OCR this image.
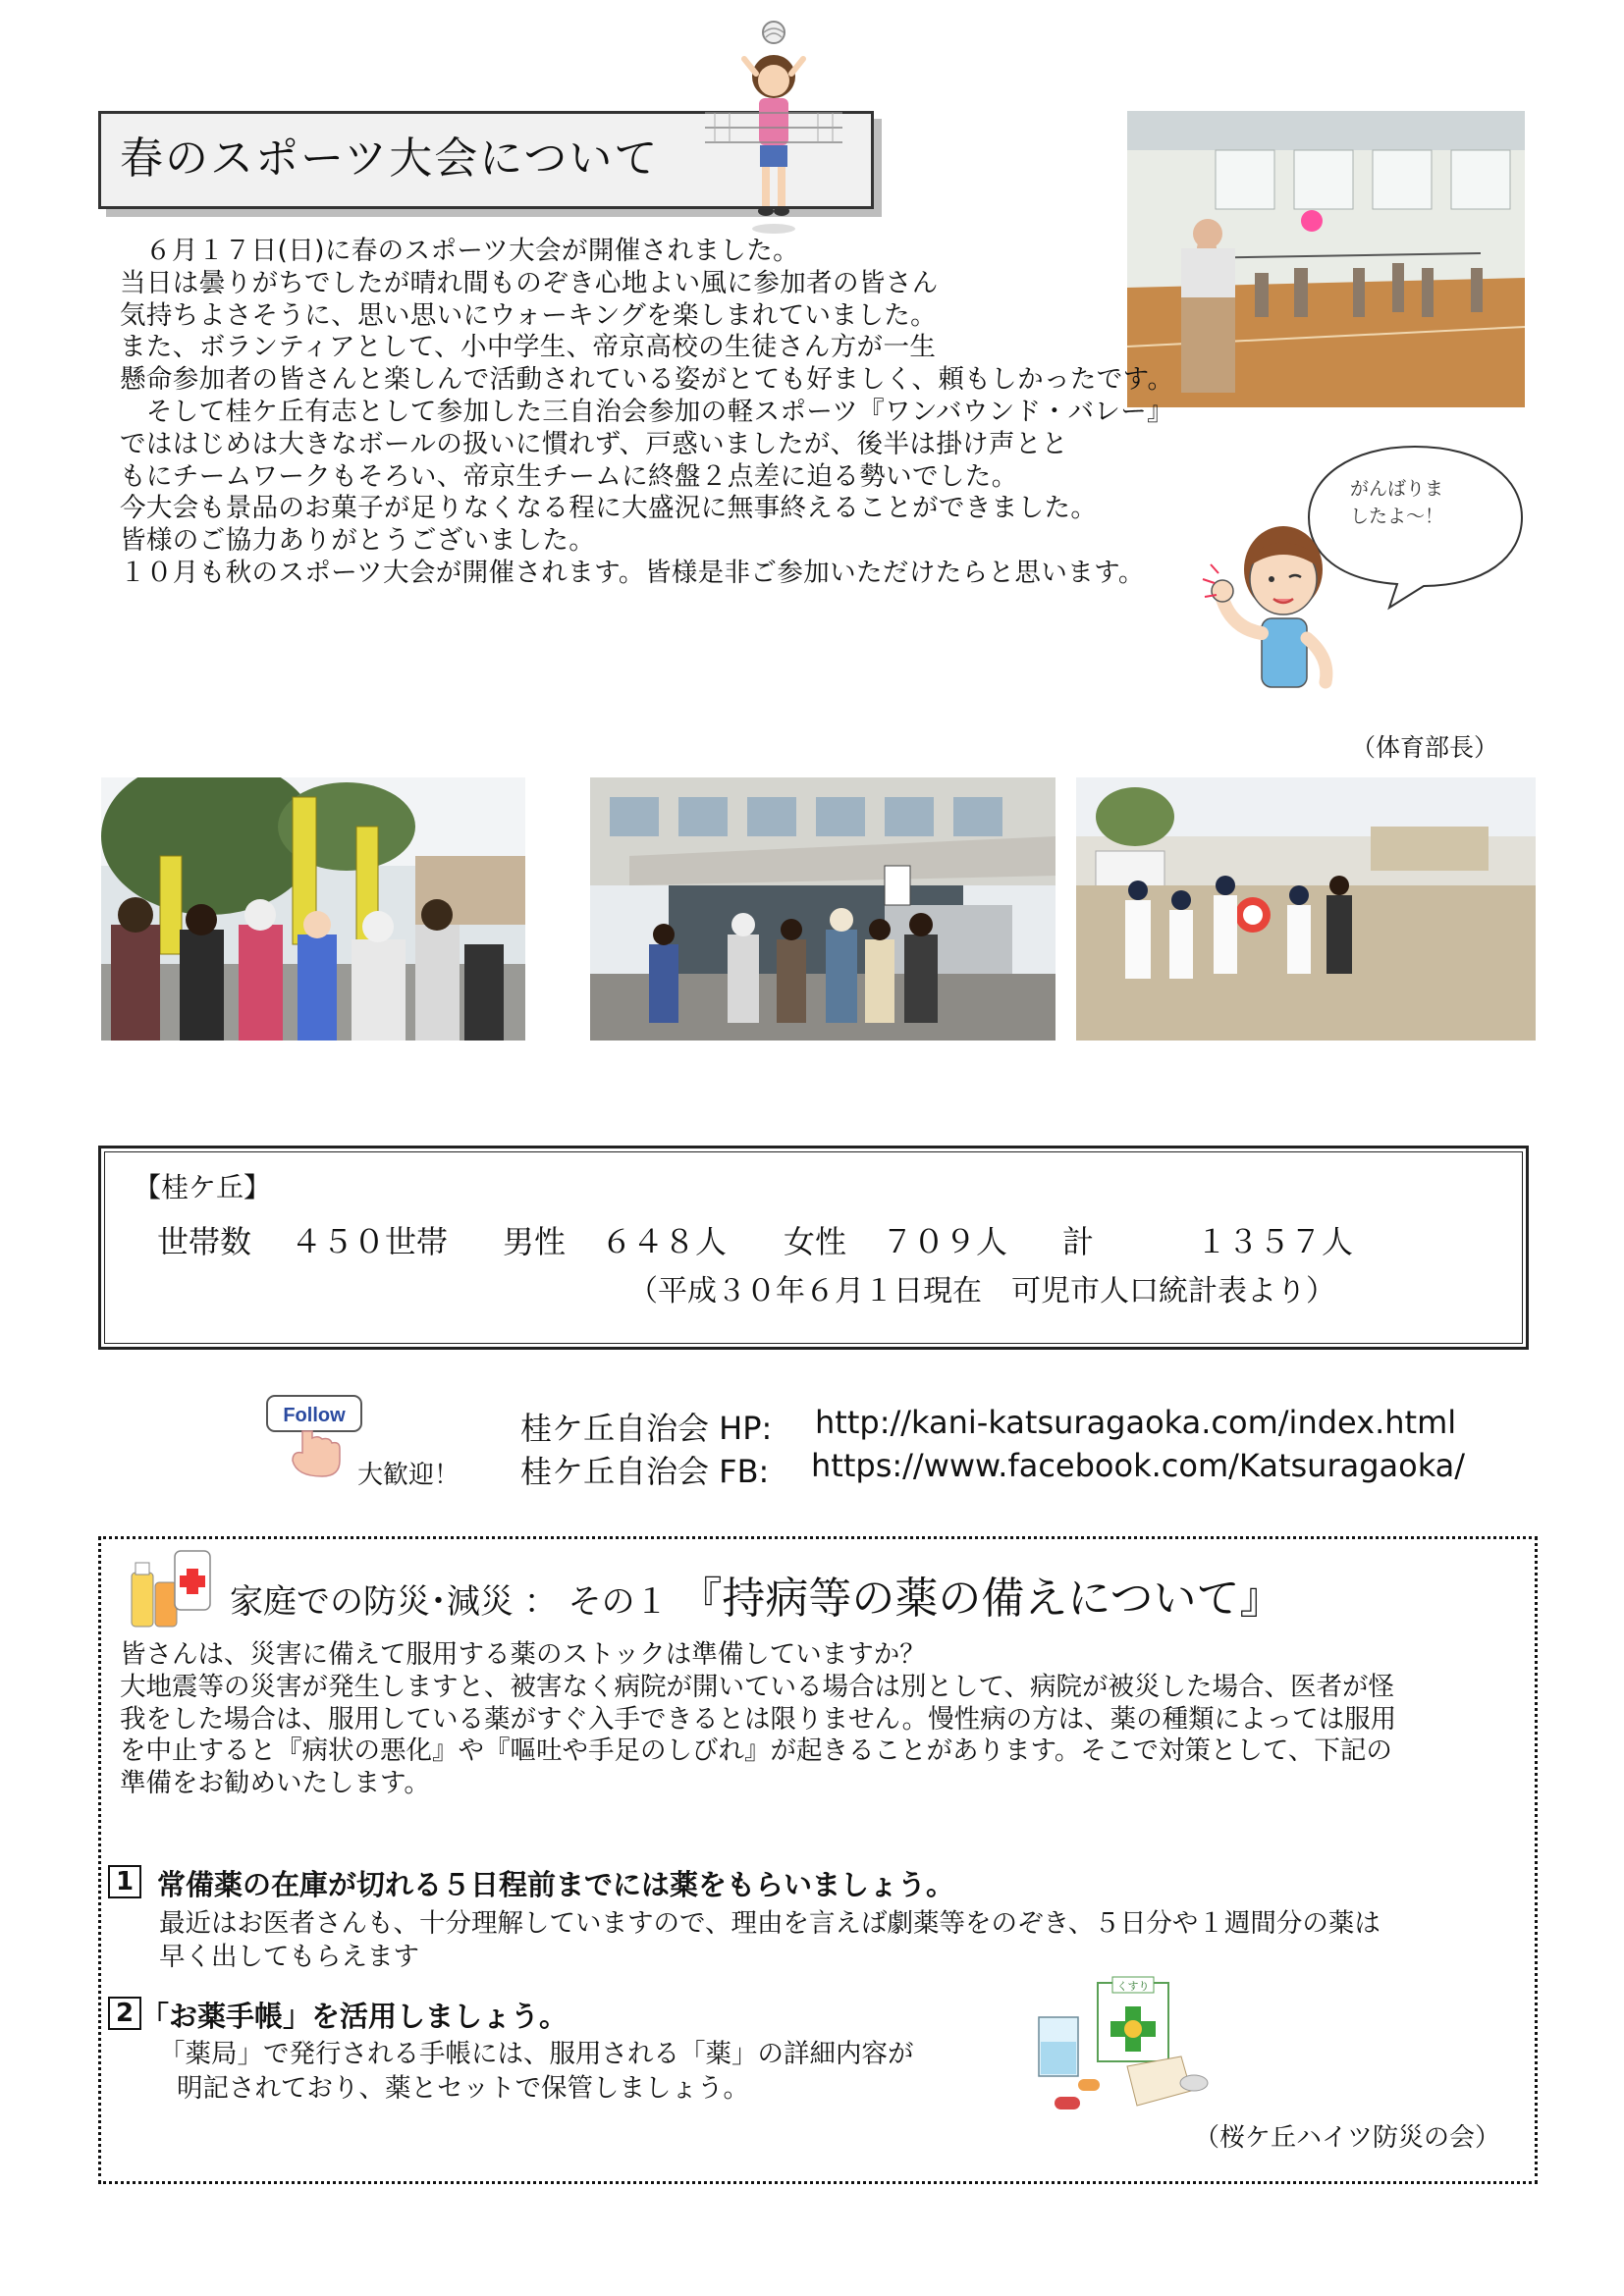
春のスポーツ大会について
６月１７日(日)に春のスポーツ大会が開催されました。
当日は曇りがちでしたが晴れ間ものぞき心地よい風に参加者の皆さん
気持ちよさそうに、思い思いにウォーキングを楽しまれていました。
また、ボランティアとして、小中学生、帝京高校の生徒さん方が一生
懸命参加者の皆さんと楽しんで活動されている姿がとても好ましく、頼もしかったです。
　そして桂ケ丘有志として参加した三自治会参加の軽スポーツ『ワンバウンド・バレー』
でははじめは大きなボールの扱いに慣れず、戸惑いましたが、後半は掛け声とと
もにチームワークもそろい、帝京生チームに終盤２点差に迫る勢いでした。
今大会も景品のお菓子が足りなくなる程に大盛況に無事終えることができました。
皆様のご協力ありがとうございました。
１０月も秋のスポーツ大会が開催されます。皆様是非ご参加いただけたらと思います。
がんばりま
したよ～！
（体育部長）
【桂ケ丘】
世帯数 ４５０世帯 男性 ６４８人 女性 ７０９人 計	１３５７人
（平成３０年６月１日現在　可児市人口統計表より）
Follow
大歓迎！
桂ケ丘自治会 HP: http://kani-katsuragaoka.com/index.html
桂ケ丘自治会 FB: https://www.facebook.com/Katsuragaoka/
家庭での防災･減災 ： その１ 『持病等の薬の備えについて』
皆さんは、災害に備えて服用する薬のストックは準備していますか？
大地震等の災害が発生しますと、被害なく病院が開いている場合は別として、病院が被災した場合、医者が怪
我をした場合は、服用している薬がすぐ入手できるとは限りません。慢性病の方は、薬の種類によっては服用
を中止すると『病状の悪化』や『嘔吐や手足のしびれ』が起きることがあります。そこで対策として、下記の
準備をお勧めいたします。
1 常備薬の在庫が切れる５日程前までには薬をもらいましょう。
最近はお医者さんも、十分理解していますので、理由を言えば劇薬等をのぞき、５日分や１週間分の薬は
早く出してもらえます
2 「お薬手帳」を活用しましょう。
「薬局」で発行される手帳には、服用される「薬」の詳細内容が
明記されており、薬とセットで保管しましょう。
くすり
（桜ケ丘ハイツ防災の会）
